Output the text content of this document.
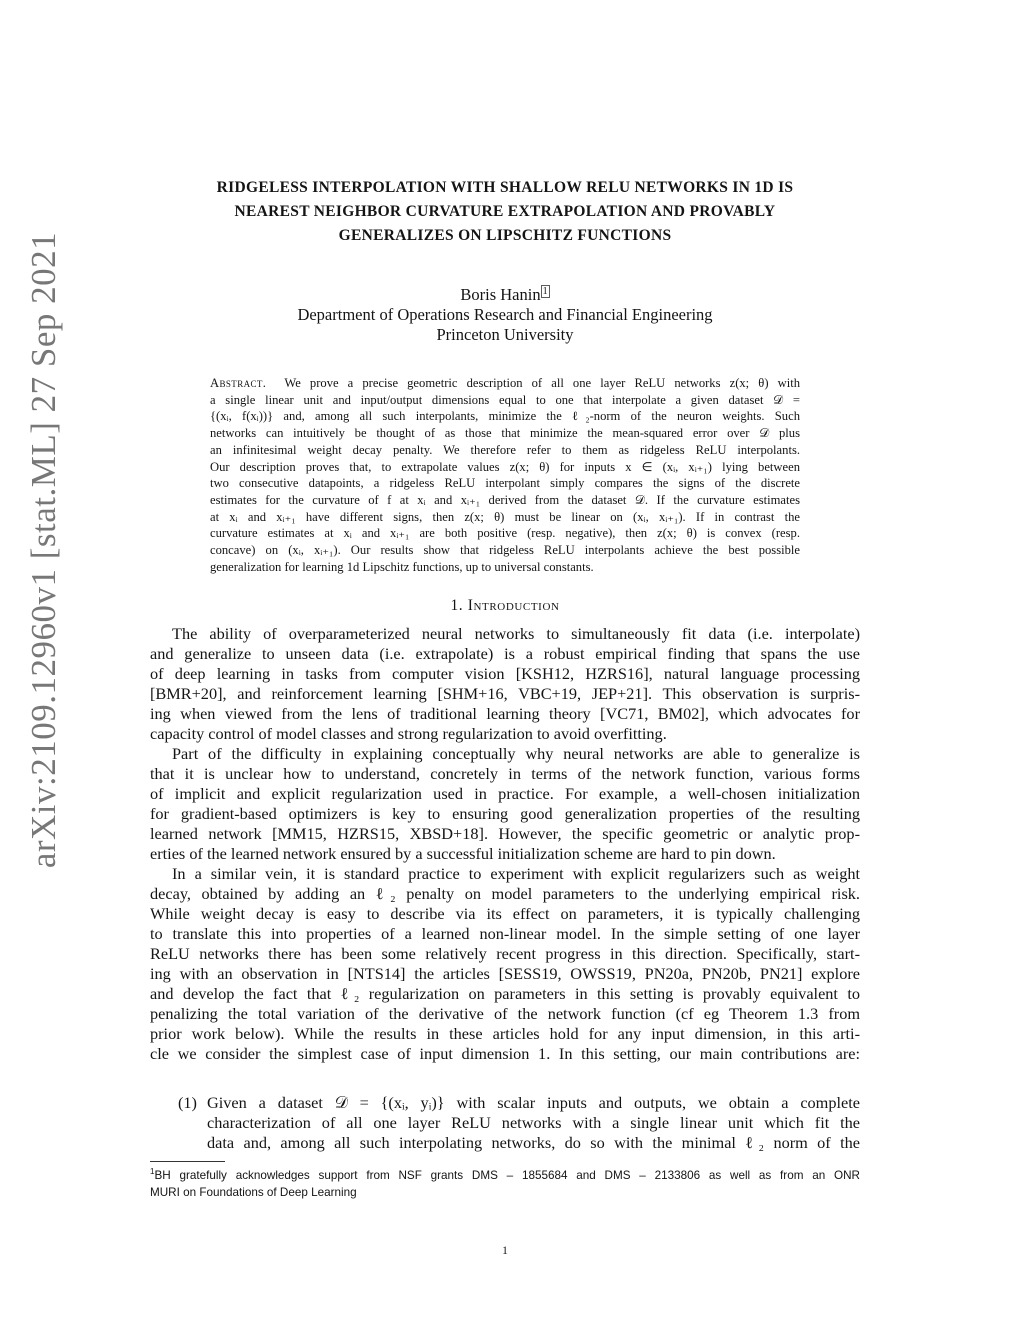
arXiv:2109.12960v1 [stat.ML] 27 Sep 2021
RIDGELESS INTERPOLATION WITH SHALLOW RELU NETWORKS IN 1D IS
NEAREST NEIGHBOR CURVATURE EXTRAPOLATION AND PROVABLY
GENERALIZES ON LIPSCHITZ FUNCTIONS
Boris Hanin $^1$
Department of Operations Research and Financial Engineering
Princeton University
Abstract. We prove a precise geometric description of all one layer ReLU networks z(x; θ) with
a single linear unit and input/output dimensions equal to one that interpolate a given dataset 𝒟 =
{(xᵢ, f(xᵢ))} and, among all such interpolants, minimize the ℓ₂-norm of the neuron weights. Such
networks can intuitively be thought of as those that minimize the mean-squared error over 𝒟 plus
an infinitesimal weight decay penalty. We therefore refer to them as ridgeless ReLU interpolants.
Our description proves that, to extrapolate values z(x; θ) for inputs x ∈ (xᵢ, xᵢ₊₁) lying between
two consecutive datapoints, a ridgeless ReLU interpolant simply compares the signs of the discrete
estimates for the curvature of f at xᵢ and xᵢ₊₁ derived from the dataset 𝒟. If the curvature estimates
at xᵢ and xᵢ₊₁ have different signs, then z(x; θ) must be linear on (xᵢ, xᵢ₊₁). If in contrast the
curvature estimates at xᵢ and xᵢ₊₁ are both positive (resp. negative), then z(x; θ) is convex (resp.
concave) on (xᵢ, xᵢ₊₁). Our results show that ridgeless ReLU interpolants achieve the best possible
generalization for learning 1d Lipschitz functions, up to universal constants.
1. Introduction
The ability of overparameterized neural networks to simultaneously fit data (i.e. interpolate)
and generalize to unseen data (i.e. extrapolate) is a robust empirical finding that spans the use
of deep learning in tasks from computer vision [KSH12, HZRS16], natural language processing
[BMR+20], and reinforcement learning [SHM+16, VBC+19, JEP+21]. This observation is surpris-
ing when viewed from the lens of traditional learning theory [VC71, BM02], which advocates for
capacity control of model classes and strong regularization to avoid overfitting.
Part of the difficulty in explaining conceptually why neural networks are able to generalize is
that it is unclear how to understand, concretely in terms of the network function, various forms
of implicit and explicit regularization used in practice. For example, a well-chosen initialization
for gradient-based optimizers is key to ensuring good generalization properties of the resulting
learned network [MM15, HZRS15, XBSD+18]. However, the specific geometric or analytic prop-
erties of the learned network ensured by a successful initialization scheme are hard to pin down.
In a similar vein, it is standard practice to experiment with explicit regularizers such as weight
decay, obtained by adding an ℓ₂ penalty on model parameters to the underlying empirical risk.
While weight decay is easy to describe via its effect on parameters, it is typically challenging
to translate this into properties of a learned non-linear model. In the simple setting of one layer
ReLU networks there has been some relatively recent progress in this direction. Specifically, start-
ing with an observation in [NTS14] the articles [SESS19, OWSS19, PN20a, PN20b, PN21] explore
and develop the fact that ℓ₂ regularization on parameters in this setting is provably equivalent to
penalizing the total variation of the derivative of the network function (cf eg Theorem 1.3 from
prior work below). While the results in these articles hold for any input dimension, in this arti-
cle we consider the simplest case of input dimension 1. In this setting, our main contributions are:
(1) Given a dataset 𝒟 = {(xᵢ, yᵢ)} with scalar inputs and outputs, we obtain a complete
characterization of all one layer ReLU networks with a single linear unit which fit the
data and, among all such interpolating networks, do so with the minimal ℓ₂ norm of the
$^1$BH gratefully acknowledges support from NSF grants DMS – 1855684 and DMS – 2133806 as well as from an ONR
MURI on Foundations of Deep Learning
1
